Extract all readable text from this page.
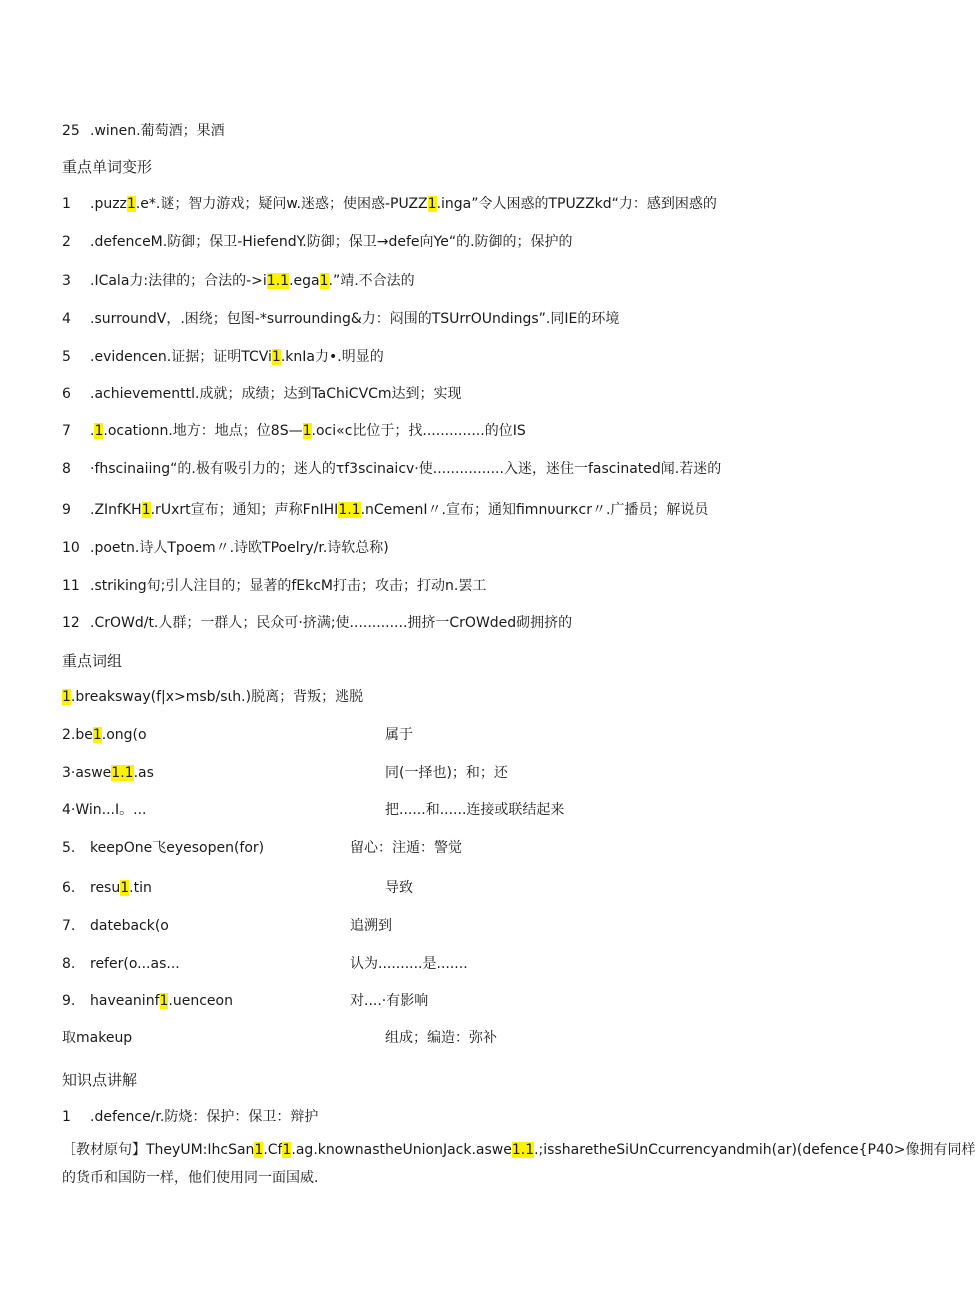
25 .winen.葡萄酒；果酒
重点单词变形
1 .puzz1.e*.谜；智力游戏；疑问w.迷惑；使困惑-PUZZ1.inga”令人困惑的TPUZZkd“力：感到困惑的
2 .defenceM.防御；保卫-HiefendY.防御；保卫→defe向Ye“的.防御的；保护的
3 .ICala力:法律的；合法的->i1.1.ega1.”靖.不合法的
4 .surroundV，.困绕；包图-*surrounding&力：闷围的TSUrrOUndings”.同IE的环境
5 .evidencen.证据；证明TCVi1.knIa力•.明显的
6 .achievementtl.成就；成绩；达到TaChiCVCm达到；实现
7 .1.ocationn.地方：地点；位8S—1.oci«c比位于；找..............的位IS
8 ·fhscinaiing“的.极有吸引力的；迷人的τf3scinaicv·使................入迷，迷住一fascinated闻.若迷的
9 .ZInfKH1.rUxrt宣布；通知；声称FnIHI1.1.nCemenI〃.宣布；通知fimnυurкcr〃.广播员；解说员
10 .poetn.诗人Tpoem〃.诗欧TPoelry/r.诗软总称)
11 .striking旬;引人注目的；显著的fEkcM打击；攻击；打动n.罢工
12 .CrOWd/t.人群；一群人；民众可·挤满;使.............拥挤一CrOWded砌拥挤的
重点词组
1.breaksway(f|x>msb/sιh.)脱离；背叛；逃脱
2.be1.ong(o	属于
3·aswe1.1.as	同(一择也)；和；还
4·Win...I。...	把......和......连接或联结起来
5. keepOne飞eyesopen(for)	留心：注遁：警觉
6. resu1.tin	导致
7. dateback(o	追溯到
8. refer(o...as...	认为..........是.......
9. haveaninf1.uenceon	对....·有影响
取makeup	组成；编造：弥补
知识点讲解
1 .defence/r.防烧：保护：保卫：辩护
［教材原句】TheyUM:IhcSan1.Cf1.ag.knownastheUnionJack.aswe1.1.;issharetheSiUnCcurrencyandmih(ar)(defence{P40>像拥有同样
的货币和国防一样，他们使用同一面国威.
